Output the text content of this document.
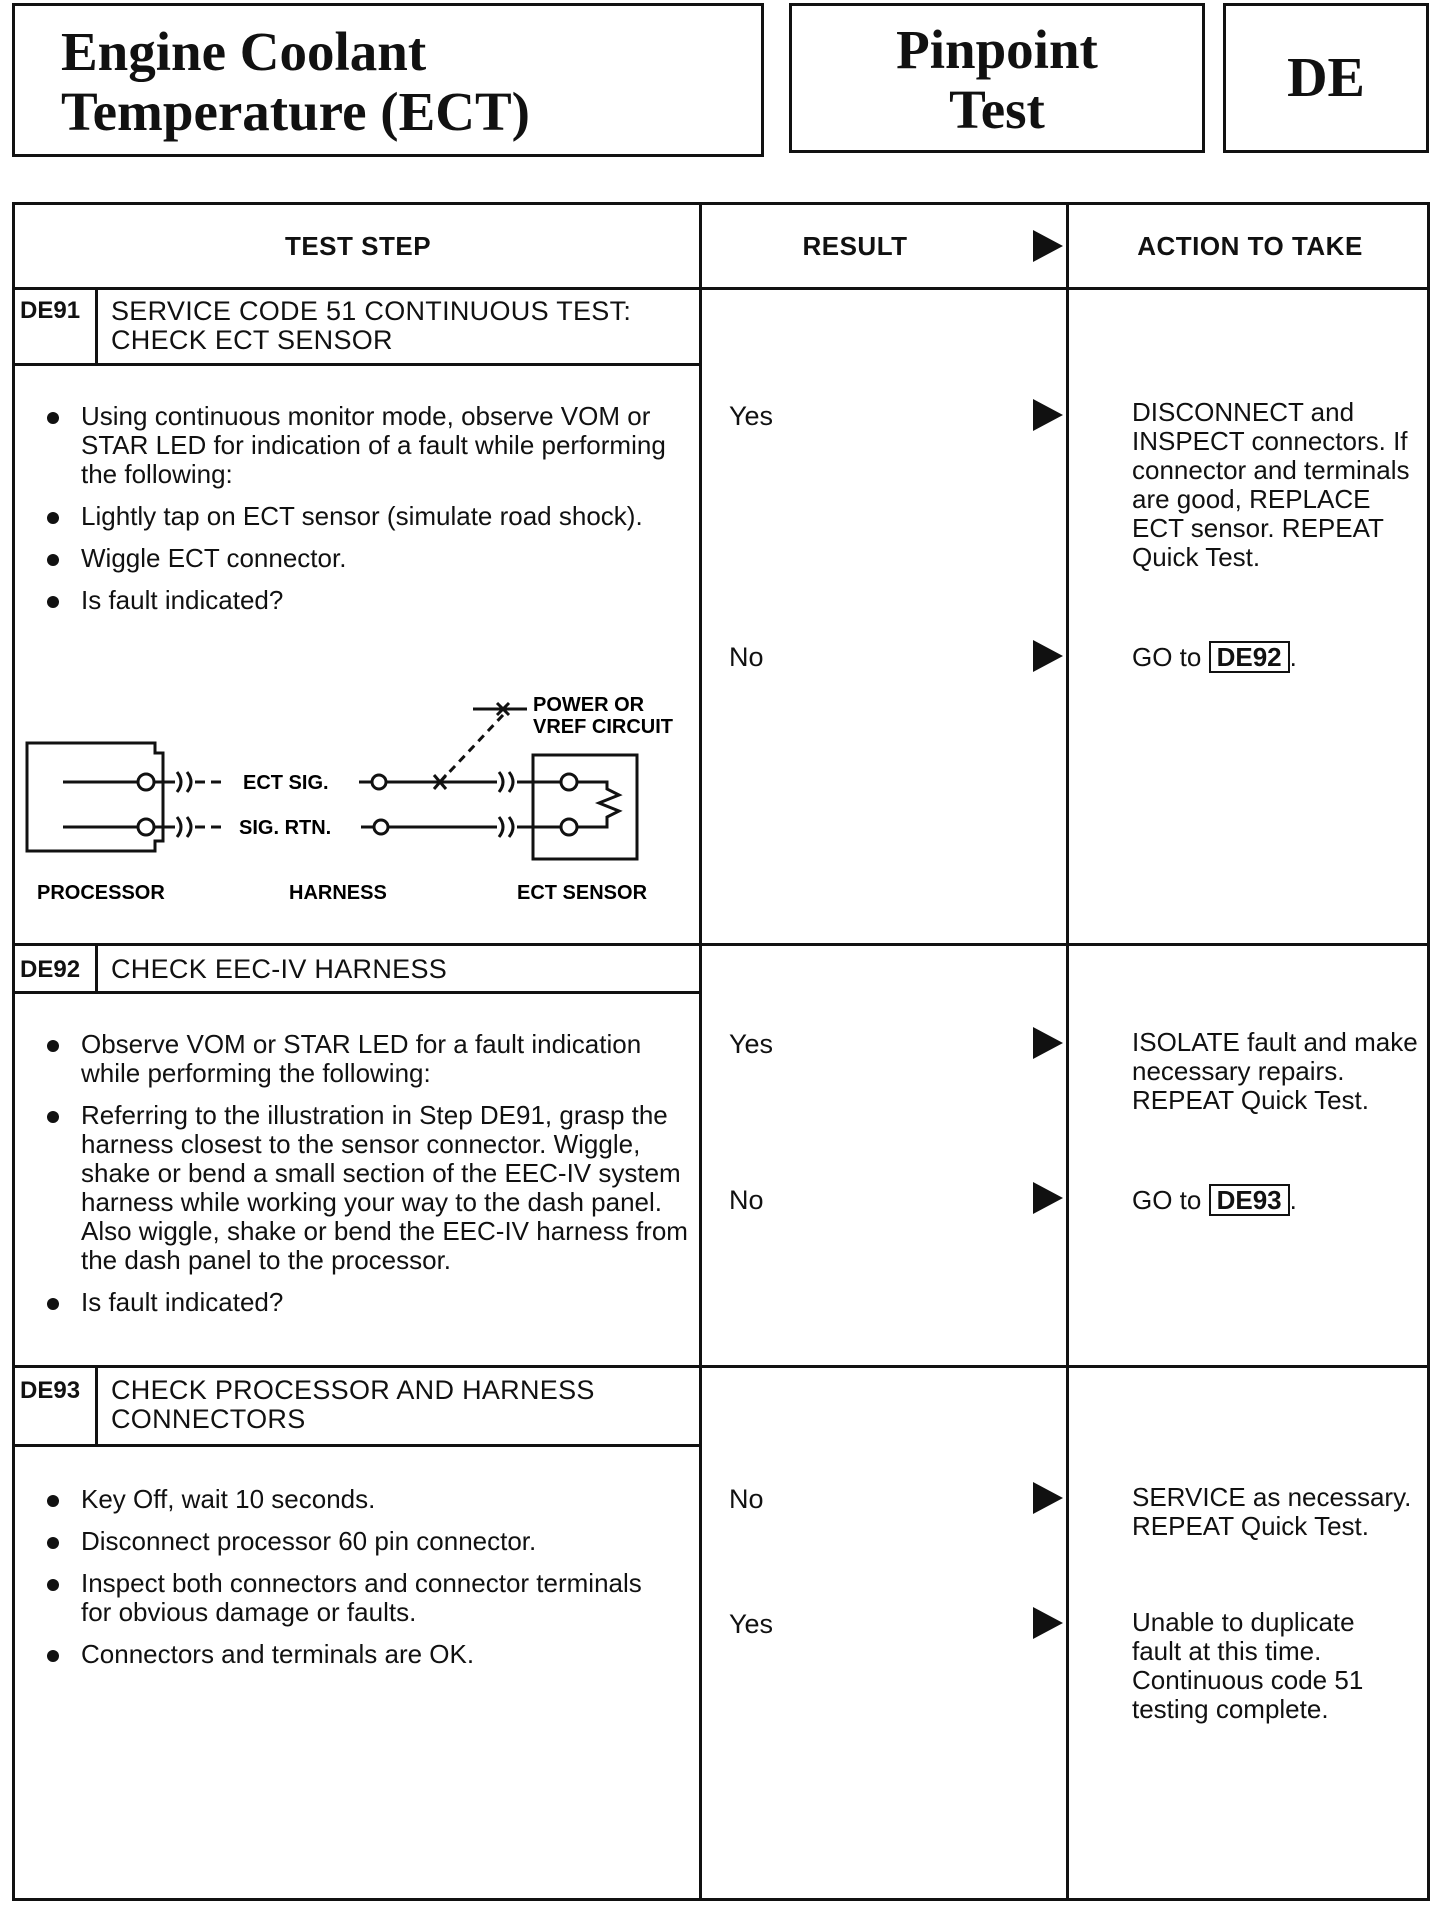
Engine Coolant
Temperature (ECT)
Pinpoint
Test
DE
TEST STEP	RESULT	ACTION TO TAKE
DE91 SERVICE CODE 51 CONTINUOUS TEST:
CHECK ECT SENSOR
Using continuous monitor mode, observe VOM or STAR LED for indication of a fault while performing the following:
Lightly tap on ECT sensor (simulate road shock).
Wiggle ECT connector.
Is fault indicated?
POWER OR
VREF CIRCUIT
ECT SIG.
SIG. RTN.
PROCESSOR	HARNESS	ECT SENSOR
Yes	DISCONNECT and INSPECT connectors. If connector and terminals are good, REPLACE ECT sensor. REPEAT Quick Test.
No	GO to DE92 .
DE92 CHECK EEC-IV HARNESS
Observe VOM or STAR LED for a fault indication while performing the following:
Referring to the illustration in Step DE91, grasp the harness closest to the sensor connector. Wiggle, shake or bend a small section of the EEC-IV system harness while working your way to the dash panel. Also wiggle, shake or bend the EEC-IV harness from the dash panel to the processor.
Is fault indicated?
Yes	ISOLATE fault and make necessary repairs. REPEAT Quick Test.
No	GO to DE93 .
DE93 CHECK PROCESSOR AND HARNESS
CONNECTORS
Key Off, wait 10 seconds.
Disconnect processor 60 pin connector.
Inspect both connectors and connector terminals for obvious damage or faults.
Connectors and terminals are OK.
No	SERVICE as necessary. REPEAT Quick Test.
Yes	Unable to duplicate fault at this time. Continuous code 51 testing complete.
